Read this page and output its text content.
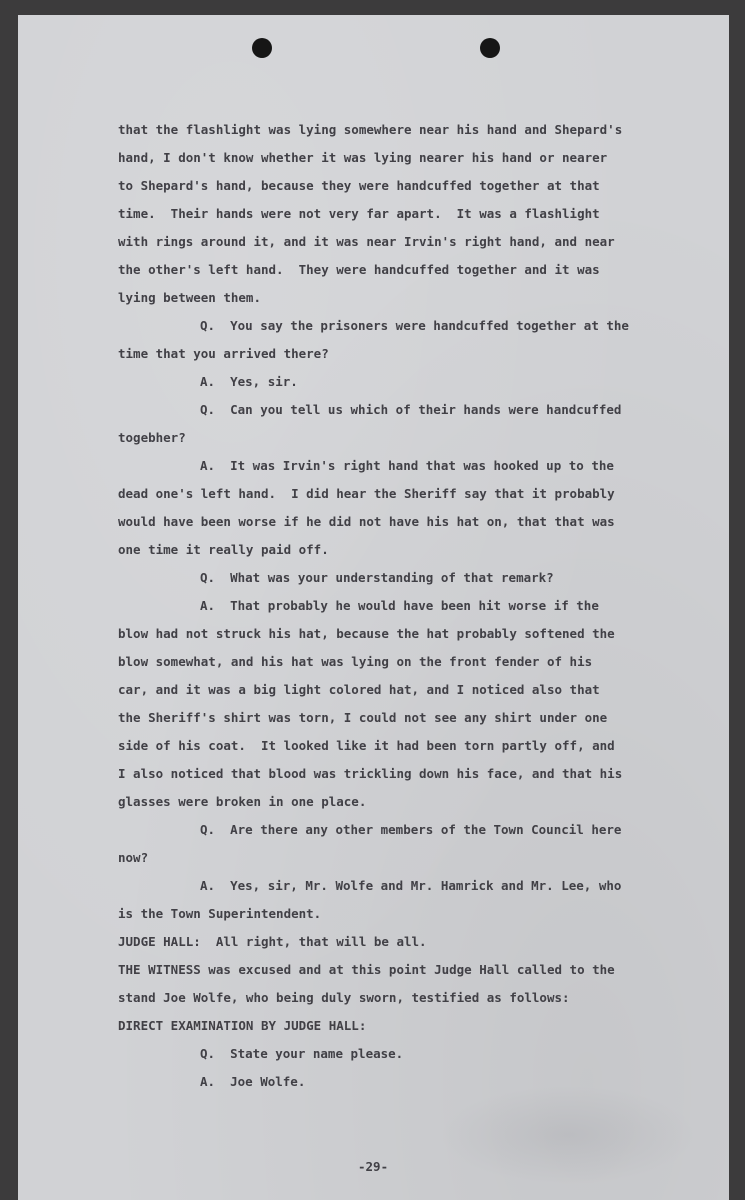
that the flashlight was lying somewhere near his hand and Shepard's
hand, I don't know whether it was lying nearer his hand or nearer
to Shepard's hand, because they were handcuffed together at that
time.  Their hands were not very far apart.  It was a flashlight
with rings around it, and it was near Irvin's right hand, and near
the other's left hand.  They were handcuffed together and it was
lying between them.
Q.  You say the prisoners were handcuffed together at the
time that you arrived there?
A.  Yes, sir.
Q.  Can you tell us which of their hands were handcuffed
togebher?
A.  It was Irvin's right hand that was hooked up to the
dead one's left hand.  I did hear the Sheriff say that it probably
would have been worse if he did not have his hat on, that that was
one time it really paid off.
Q.  What was your understanding of that remark?
A.  That probably he would have been hit worse if the
blow had not struck his hat, because the hat probably softened the
blow somewhat, and his hat was lying on the front fender of his
car, and it was a big light colored hat, and I noticed also that
the Sheriff's shirt was torn, I could not see any shirt under one
side of his coat.  It looked like it had been torn partly off, and
I also noticed that blood was trickling down his face, and that his
glasses were broken in one place.
Q.  Are there any other members of the Town Council here
now?
A.  Yes, sir, Mr. Wolfe and Mr. Hamrick and Mr. Lee, who
is the Town Superintendent.
JUDGE HALL:  All right, that will be all.
THE WITNESS was excused and at this point Judge Hall called to the
stand Joe Wolfe, who being duly sworn, testified as follows:
DIRECT EXAMINATION BY JUDGE HALL:
Q.  State your name please.
A.  Joe Wolfe.
-29-
